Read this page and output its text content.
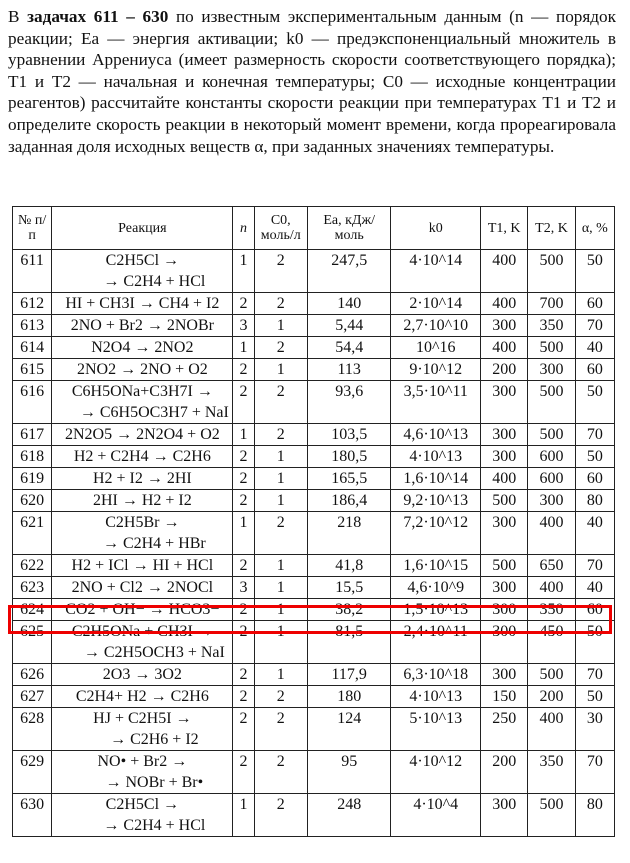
В задачах 611 – 630 по известным экспериментальным данным (n — порядок реакции; Eа — энергия активации; k0 — предэкспоненциальный множитель в уравнении Аррениуса (имеет размерность скорости соответствующего порядка); T1 и T2 — начальная и конечная температуры; C0 — исходные концентрации реагентов) рассчитайте константы скорости реакции при температурах T1 и T2 и определите скорость реакции в некоторый момент времени, когда прореагировала заданная доля исходных веществ α, при заданных значениях температуры.
№ п/п	Реакция	n	C0, моль/л	Ea, кДж/моль	k0	T1, K	T2, K	α, %
611	C2H5Cl →
→ C2H4 + HCl	1	2	247,5	4·10^14	400	500	50
612	HI + CH3I → CH4 + I2	2	2	140	2·10^14	400	700	60
613	2NO + Br2 → 2NOBr	3	1	5,44	2,7·10^10	300	350	70
614	N2O4 → 2NO2	1	2	54,4	10^16	400	500	40
615	2NO2 → 2NO + O2	2	1	113	9·10^12	200	300	60
616	C6H5ONa+C3H7I →
→ C6H5OC3H7 + NaI	2	2	93,6	3,5·10^11	300	500	50
617	2N2O5 → 2N2O4 + O2	1	2	103,5	4,6·10^13	300	500	70
618	H2 + C2H4 → C2H6	2	1	180,5	4·10^13	300	600	50
619	H2 + I2 → 2HI	2	1	165,5	1,6·10^14	400	600	60
620	2HI → H2 + I2	2	1	186,4	9,2·10^13	500	300	80
621	C2H5Br →
→ C2H4 + HBr	1	2	218	7,2·10^12	300	400	40
622	H2 + ICl → HI + HCl	2	1	41,8	1,6·10^15	500	650	70
623	2NO + Cl2 → 2NOCl	3	1	15,5	4,6·10^9	300	400	40
624	CO2 + OH− → HCO3−	2	1	38,2	1,5·10^13	300	350	60
625	C2H5ONa + CH3I →
→ C2H5OCH3 + NaI	2	1	81,5	2,4·10^11	300	450	50
626	2O3 → 3O2	2	1	117,9	6,3·10^18	300	500	70
627	C2H4+ H2 → C2H6	2	2	180	4·10^13	150	200	50
628	HJ + C2H5I →
→ C2H6 + I2	2	2	124	5·10^13	250	400	30
629	NO• + Br2 →
→ NOBr + Br•	2	2	95	4·10^12	200	350	70
630	C2H5Cl →
→ C2H4 + HCl	1	2	248	4·10^4	300	500	80
